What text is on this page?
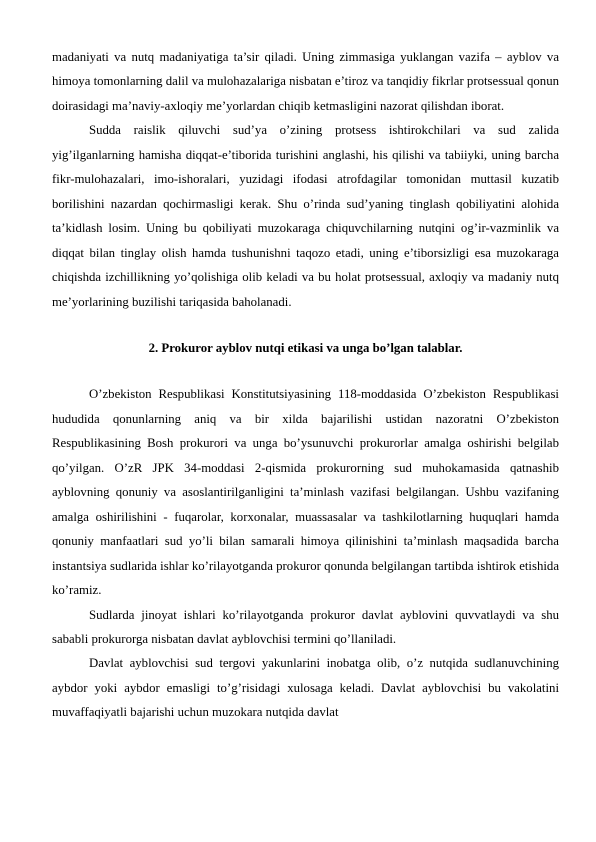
madaniyati va nutq madaniyatiga ta’sir qiladi. Uning zimmasiga yuklangan vazifa – ayblov va himoya tomonlarning dalil va mulohazalariga nisbatan e’tiroz va tanqidiy fikrlar protsessual qonun doirasidagi ma’naviy-axloqiy me’yorlardan chiqib ketmasligini nazorat qilishdan iborat.

Sudda raislik qiluvchi sud’ya o’zining protsess ishtirokchilari va sud zalida yig’ilganlarning hamisha diqqat-e’tiborida turishini anglashi, his qilishi va tabiiyki, uning barcha fikr-mulohazalari, imo-ishoralari, yuzidagi ifodasi atrofdagilar tomonidan muttasil kuzatib borilishini nazardan qochirmasligi kerak. Shu o’rinda sud’yaning tinglash qobiliyatini alohida ta’kidlash losim. Uning bu qobiliyati muzokaraga chiquvchilarning nutqini og’ir-vazminlik va diqqat bilan tinglay olish hamda tushunishni taqozo etadi, uning e’tiborsizligi esa muzokaraga chiqishda izchillikning yo’qolishiga olib keladi va bu holat protsessual, axloqiy va madaniy nutq me’yorlarining buzilishi tariqasida baholanadi.

2. Prokuror ayblov nutqi etikasi va unga bo’lgan talablar.

O’zbekiston Respublikasi Konstitutsiyasining 118-moddasida O’zbekiston Respublikasi hududida qonunlarning aniq va bir xilda bajarilishi ustidan nazoratni O’zbekiston Respublikasining Bosh prokurori va unga bo’ysunuvchi prokurorlar amalga oshirishi belgilab qo’yilgan. O’zR JPK 34-moddasi 2-qismida prokurorning sud muhokamasida qatnashib ayblovning qonuniy va asoslantirilganligini ta’minlash vazifasi belgilangan. Ushbu vazifaning amalga oshirilishini - fuqarolar, korxonalar, muassasalar va tashkilotlarning huquqlari hamda qonuniy manfaatlari sud yo’li bilan samarali himoya qilinishini ta’minlash maqsadida barcha instantsiya sudlarida ishlar ko’rilayotganda prokuror qonunda belgilangan tartibda ishtirok etishida ko’ramiz.

Sudlarda jinoyat ishlari ko’rilayotganda prokuror davlat ayblovini quvvatlaydi va shu sababli prokurorga nisbatan davlat ayblovchisi termini qo’llaniladi.

Davlat ayblovchisi sud tergovi yakunlarini inobatga olib, o’z nutqida sudlanuvchining aybdor yoki aybdor emasligi to’g’risidagi xulosaga keladi. Davlat ayblovchisi bu vakolatini muvaffaqiyatli bajarishi uchun muzokara nutqida davlat
